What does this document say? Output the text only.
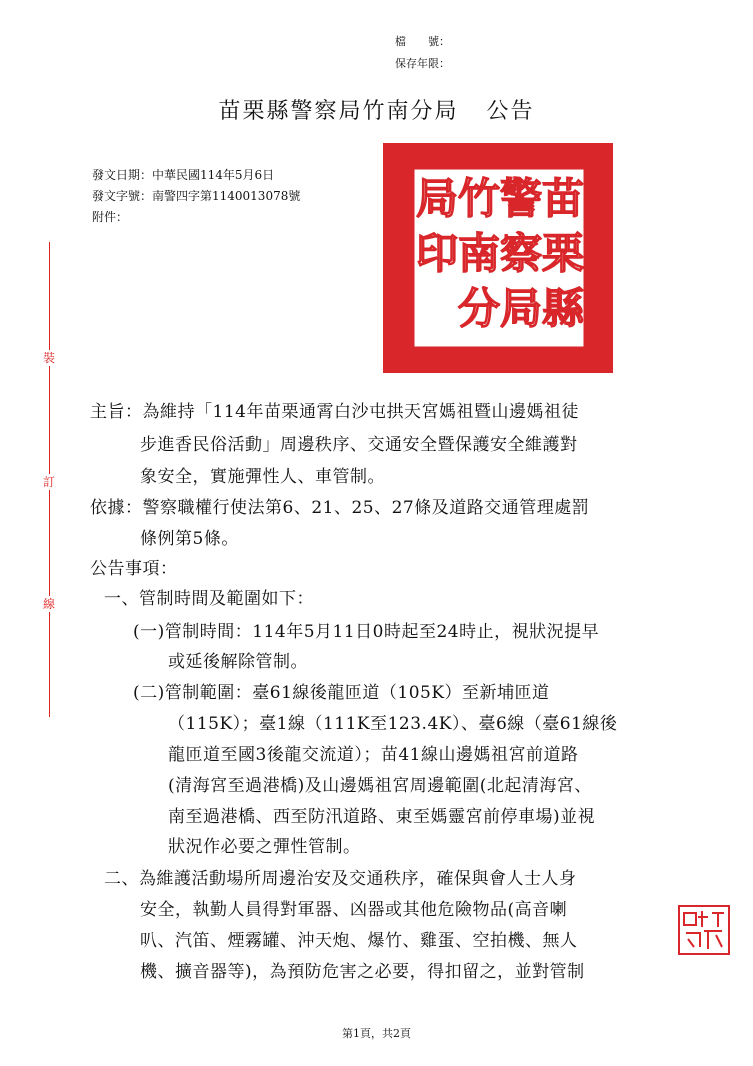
檔　　號：
保存年限：
苗栗縣警察局竹南分局 公告
發文日期：中華民國114年5月6日
發文字號：南警四字第1140013078號
附件：	苗
栗
縣
警
察
局
竹
南
分
局
印
裝
訂
線
主旨：為維持「114年苗栗通霄白沙屯拱天宮媽祖暨山邊媽祖徒
步進香民俗活動」周邊秩序、交通安全暨保護安全維護對
象安全，實施彈性人、車管制。
依據：警察職權行使法第6、21、25、27條及道路交通管理處罰
條例第5條。
公告事項：
一、管制時間及範圍如下：
(一)管制時間：114年5月11日0時起至24時止，視狀況提早
或延後解除管制。
(二)管制範圍：臺61線後龍匝道（105K）至新埔匝道
（115K）；臺1線（111K至123.4K）、臺6線（臺61線後
龍匝道至國3後龍交流道）；苗41線山邊媽祖宮前道路
(清海宮至過港橋)及山邊媽祖宮周邊範圍(北起清海宮、
南至過港橋、西至防汛道路、東至媽靈宮前停車場)並視
狀況作必要之彈性管制。
二、為維護活動場所周邊治安及交通秩序，確保與會人士人身
安全，執勤人員得對軍器、凶器或其他危險物品(高音喇
叭、汽笛、煙霧罐、沖天炮、爆竹、雞蛋、空拍機、無人
機、擴音器等)，為預防危害之必要，得扣留之，並對管制
第1頁，共2頁
